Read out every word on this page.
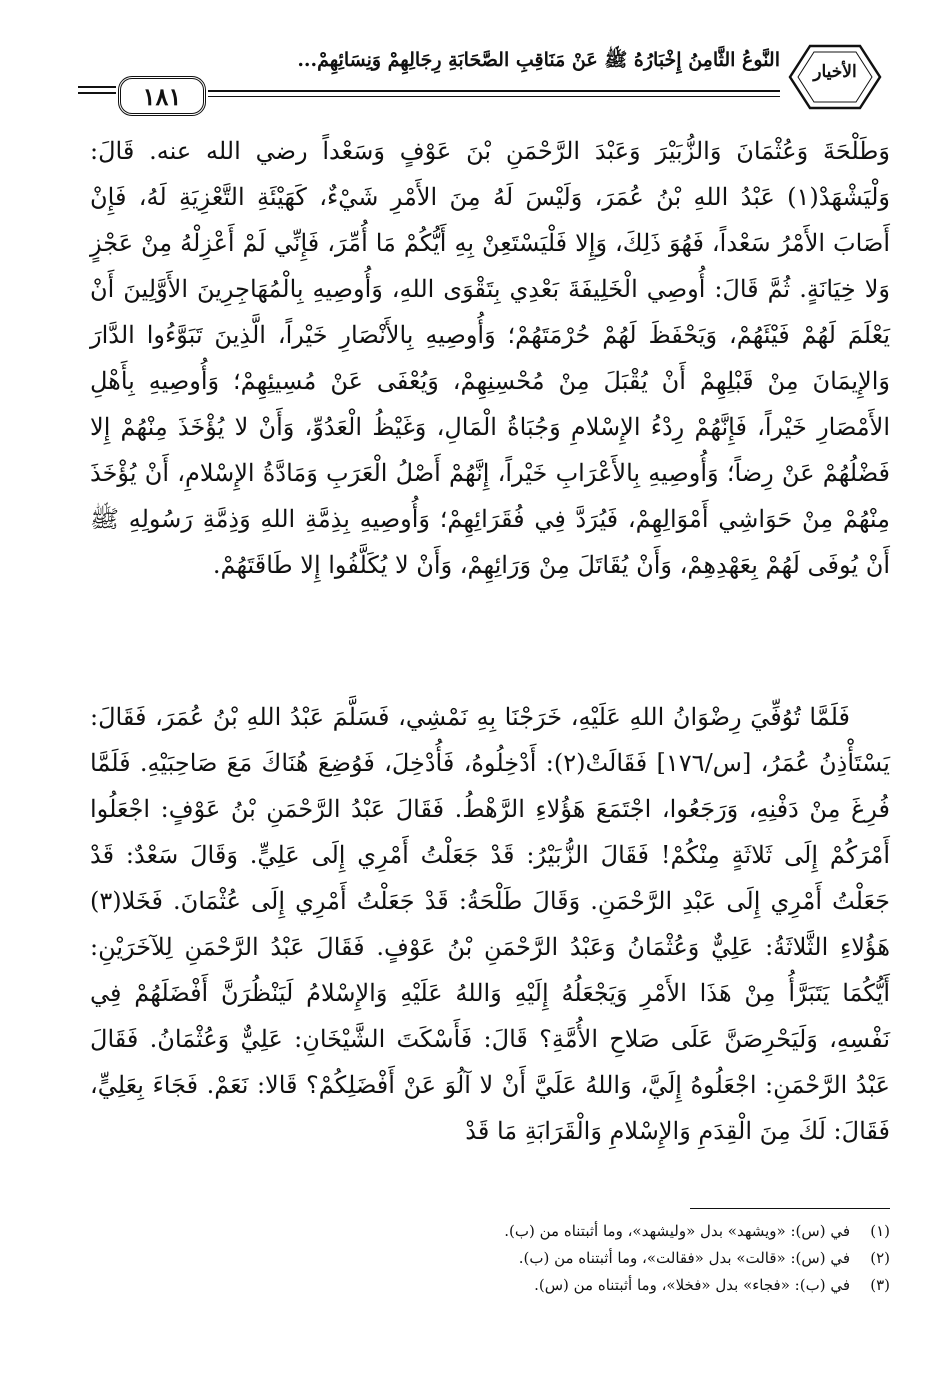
١٨١
النَّوعُ الثَّامِنُ إِخْبَارُهُ ﷺ عَنْ مَنَاقِبِ الصَّحَابَةِ رِجَالِهِمْ وَنِسَائِهِمْ...
الأخيار
وَطَلْحَةَ وَعُثْمَانَ وَالزُّبَيْرَ وَعَبْدَ الرَّحْمَنِ بْنَ عَوْفٍ وَسَعْداً رضي الله عنه. قَالَ: وَلْيَشْهَدْ(١) عَبْدُ اللهِ بْنُ عُمَرَ، وَلَيْسَ لَهُ مِنَ الأَمْرِ شَيْءٌ، كَهَيْئَةِ التَّعْزِيَةِ لَهُ، فَإِنْ أَصَابَ الأَمْرُ سَعْداً، فَهُوَ ذَلِكَ، وَإِلا فَلْيَسْتَعِنْ بِهِ أَيُّكُمْ مَا أُمِّرَ، فَإِنِّي لَمْ أَعْزِلْهُ مِنْ عَجْزٍ وَلا خِيَانَةٍ. ثُمَّ قَالَ: أُوصِي الْخَلِيفَةَ بَعْدِي بِتَقْوَى اللهِ، وَأُوصِيهِ بِالْمُهَاجِرِينَ الأَوَّلِينَ أَنْ يَعْلَمَ لَهُمْ فَيْئَهُمْ، وَيَحْفَظَ لَهُمْ حُرْمَتَهُمْ؛ وَأُوصِيهِ بِالأَنْصَارِ خَيْراً، الَّذِينَ تَبَوَّءُوا الدَّارَ وَالإِيمَانَ مِنْ قَبْلِهِمْ أَنْ يُقْبَلَ مِنْ مُحْسِنِهِمْ، وَيُعْفَى عَنْ مُسِيئِهِمْ؛ وَأُوصِيهِ بِأَهْلِ الأَمْصَارِ خَيْراً، فَإِنَّهُمْ رِدْءُ الإِسْلامِ وَجُبَاةُ الْمَالِ، وَغَيْظُ الْعَدُوِّ، وَأَنْ لا يُؤْخَذَ مِنْهُمْ إِلا فَضْلُهُمْ عَنْ رِضاً؛ وَأُوصِيهِ بِالأَعْرَابِ خَيْراً، إِنَّهُمْ أَصْلُ الْعَرَبِ وَمَادَّةُ الإِسْلامِ، أَنْ يُؤْخَذَ مِنْهُمْ مِنْ حَوَاشِي أَمْوَالِهِمْ، فَيُرَدَّ فِي فُقَرَائِهِمْ؛ وَأُوصِيهِ بِذِمَّةِ اللهِ وَذِمَّةِ رَسُولِهِ ﷺ أَنْ يُوفَى لَهُمْ بِعَهْدِهِمْ، وَأَنْ يُقَاتَلَ مِنْ وَرَائِهِمْ، وَأَنْ لا يُكَلَّفُوا إِلا طَاقَتَهُمْ.
فَلَمَّا تُوُفِّيَ رِضْوَانُ اللهِ عَلَيْهِ، خَرَجْنَا بِهِ نَمْشِي، فَسَلَّمَ عَبْدُ اللهِ بْنُ عُمَرَ، فَقَالَ: يَسْتَأْذِنُ عُمَرُ، [س/١٧٦] فَقَالَتْ(٢): أَدْخِلُوهُ، فَأُدْخِلَ، فَوُضِعَ هُنَاكَ مَعَ صَاحِبَيْهِ. فَلَمَّا فُرِغَ مِنْ دَفْنِهِ، وَرَجَعُوا، اجْتَمَعَ هَؤُلاءِ الرَّهْطُ. فَقَالَ عَبْدُ الرَّحْمَنِ بْنُ عَوْفٍ: اجْعَلُوا أَمْرَكُمْ إِلَى ثَلاثَةٍ مِنْكُمْ! فَقَالَ الزُّبَيْرُ: قَدْ جَعَلْتُ أَمْرِي إِلَى عَلِيٍّ. وَقَالَ سَعْدٌ: قَدْ جَعَلْتُ أَمْرِي إِلَى عَبْدِ الرَّحْمَنِ. وَقَالَ طَلْحَةُ: قَدْ جَعَلْتُ أَمْرِي إِلَى عُثْمَانَ. فَخَلا(٣) هَؤُلاءِ الثَّلاثَةُ: عَلِيٌّ وَعُثْمَانُ وَعَبْدُ الرَّحْمَنِ بْنُ عَوْفٍ. فَقَالَ عَبْدُ الرَّحْمَنِ لِلآخَرَيْنِ: أَيُّكُمَا يَتَبَرَّأُ مِنْ هَذَا الأَمْرِ وَيَجْعَلُهُ إِلَيْهِ وَاللهُ عَلَيْهِ وَالإِسْلامُ لَيَنْظُرَنَّ أَفْضَلَهُمْ فِي نَفْسِهِ، وَلَيَحْرِصَنَّ عَلَى صَلاحِ الأُمَّةِ؟ قَالَ: فَأَسْكَتَ الشَّيْخَانِ: عَلِيٌّ وَعُثْمَانُ. فَقَالَ عَبْدُ الرَّحْمَنِ: اجْعَلُوهُ إِلَيَّ، وَاللهُ عَلَيَّ أَنْ لا آلُوَ عَنْ أَفْضَلِكُمْ؟ قَالا: نَعَمْ. فَجَاءَ بِعَلِيٍّ، فَقَالَ: لَكَ مِنَ الْقِدَمِ وَالإِسْلامِ وَالْقَرَابَةِ مَا قَدْ
(١)
في (س): «ويشهد» بدل «وليشهد»، وما أثبتناه من (ب).
(٢)
في (س): «قالت» بدل «فقالت»، وما أثبتناه من (ب).
(٣)
في (ب): «فجاء» بدل «فخلا»، وما أثبتناه من (س).
